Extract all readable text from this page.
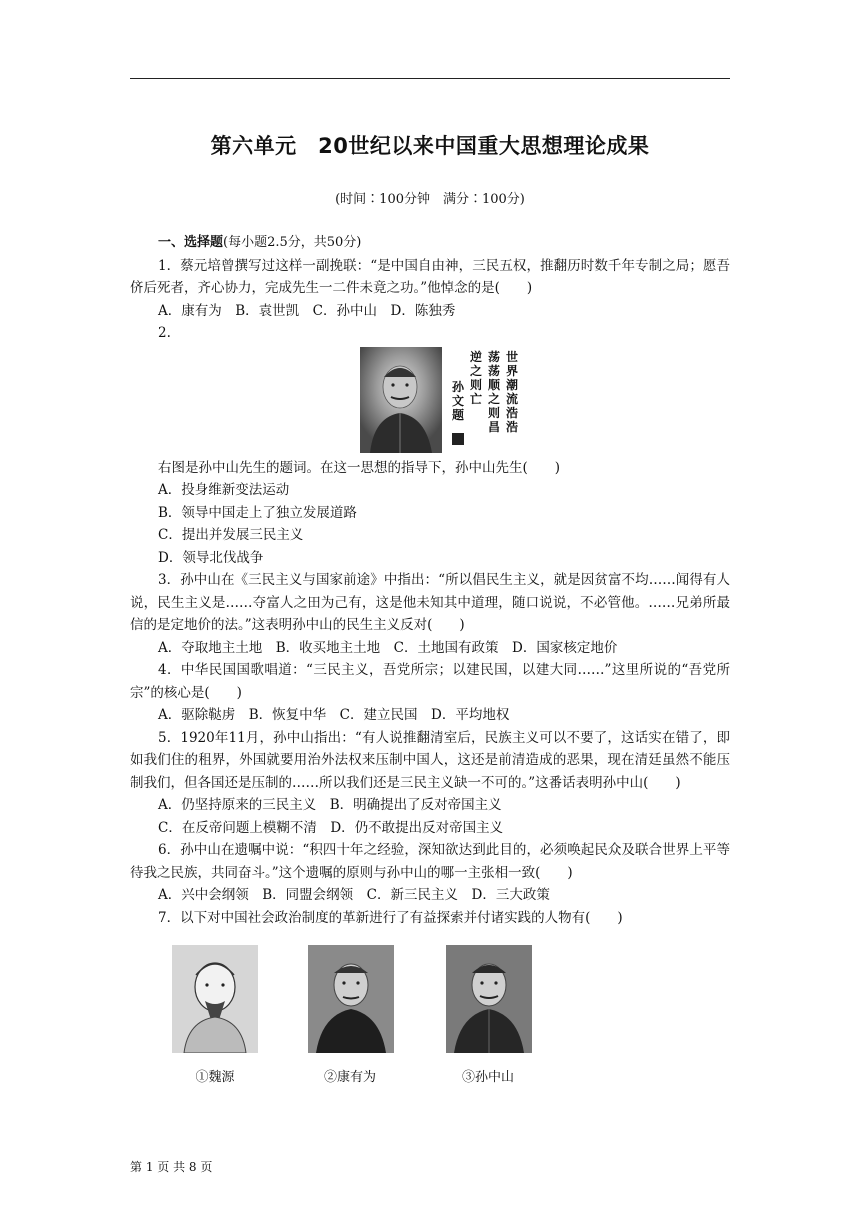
第六单元　20世纪以来中国重大思想理论成果
(时间∶100分钟　满分∶100分)

一、选择题(每小题2.5分，共50分)

1．蔡元培曾撰写过这样一副挽联：“是中国自由神，三民五权，推翻历时数千年专制之局；愿吾侪后死者，齐心协力，完成先生一二件未竟之功。”他悼念的是(　　)

A．康有为　B．袁世凯　C．孙中山　D．陈独秀

2.

世界潮流浩浩
荡荡顺之则昌
逆之则亡
孙文题

右图是孙中山先生的题词。在这一思想的指导下，孙中山先生(　　)

A．投身维新变法运动

B．领导中国走上了独立发展道路

C．提出并发展三民主义

D．领导北伐战争

3．孙中山在《三民主义与国家前途》中指出：“所以倡民生主义，就是因贫富不均……闻得有人说，民生主义是……夺富人之田为己有，这是他未知其中道理，随口说说，不必管他。……兄弟所最信的是定地价的法。”这表明孙中山的民生主义反对(　　)

A．夺取地主土地　B．收买地主土地　C．土地国有政策　D．国家核定地价

4．中华民国国歌唱道：“三民主义，吾党所宗；以建民国，以建大同……”这里所说的“吾党所宗”的核心是(　　)

A．驱除鞑虏　B．恢复中华　C．建立民国　D．平均地权

5．1920年11月，孙中山指出：“有人说推翻清室后，民族主义可以不要了，这话实在错了，即如我们住的租界，外国就要用治外法权来压制中国人，这还是前清造成的恶果，现在清廷虽然不能压制我们，但各国还是压制的……所以我们还是三民主义缺一不可的。”这番话表明孙中山(　　)

A．仍坚持原来的三民主义　B．明确提出了反对帝国主义

C．在反帝问题上模糊不清　D．仍不敢提出反对帝国主义

6．孙中山在遗嘱中说：“积四十年之经验，深知欲达到此目的，必须唤起民众及联合世界上平等待我之民族，共同奋斗。”这个遗嘱的原则与孙中山的哪一主张相一致(　　)

A．兴中会纲领　B．同盟会纲领　C．新三民主义　D．三大政策

7．以下对中国社会政治制度的革新进行了有益探索并付诸实践的人物有(　　)

①魏源	②康有为	③孙中山
第 1 页 共 8 页
